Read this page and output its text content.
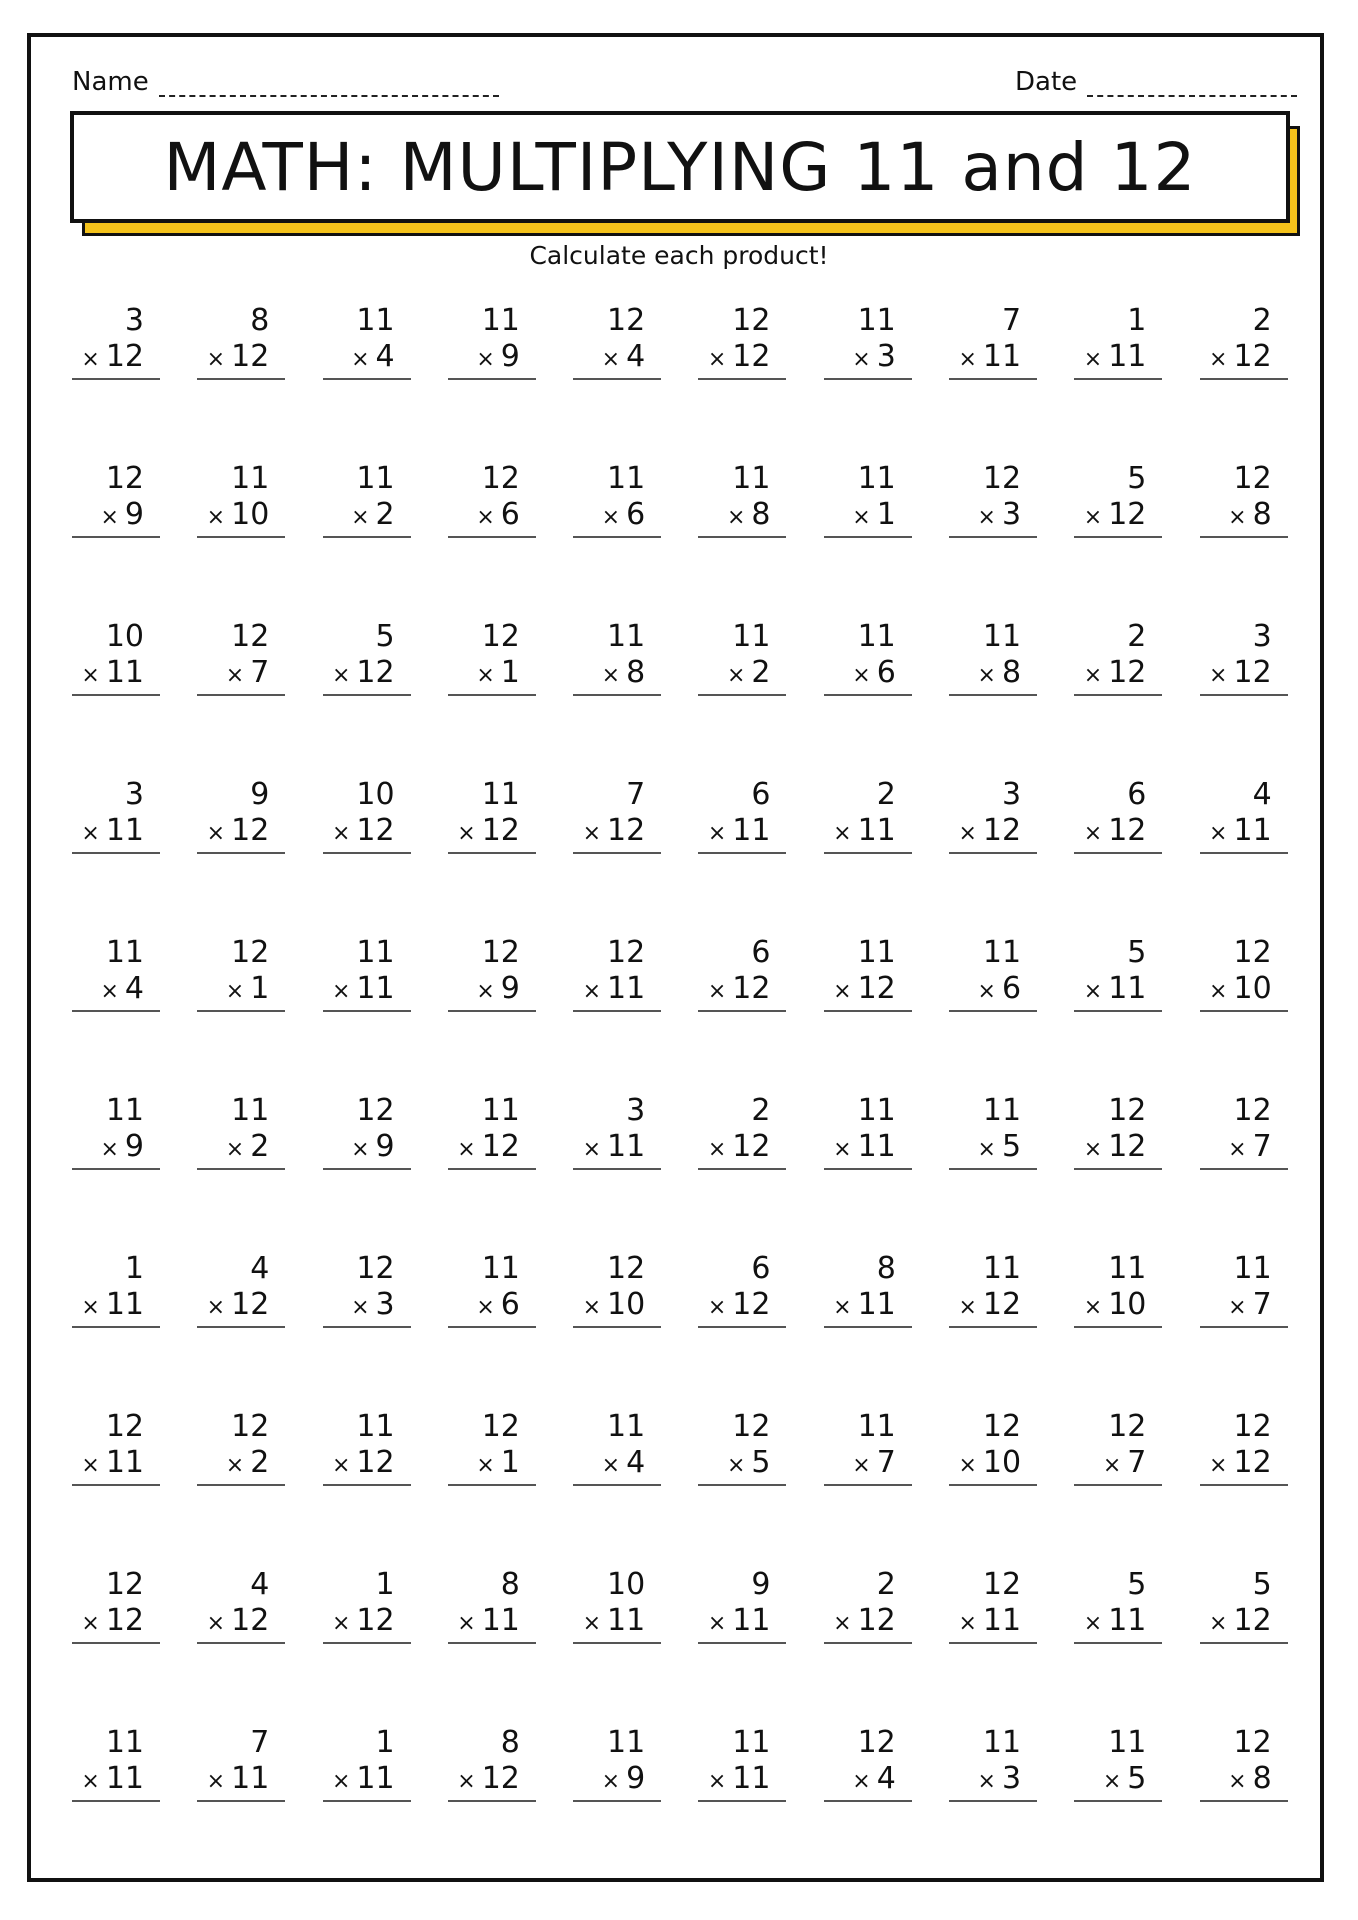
Name	Date
MATH: MULTIPLYING 11 and 12
Calculate each product!
3
× 12
8
× 12
11
× 4
11
× 9
12
× 4
12
× 12
11
× 3
7
× 11
1
× 11
2
× 12
12
× 9
11
× 10
11
× 2
12
× 6
11
× 6
11
× 8
11
× 1
12
× 3
5
× 12
12
× 8
10
× 11
12
× 7
5
× 12
12
× 1
11
× 8
11
× 2
11
× 6
11
× 8
2
× 12
3
× 12
3
× 11
9
× 12
10
× 12
11
× 12
7
× 12
6
× 11
2
× 11
3
× 12
6
× 12
4
× 11
11
× 4
12
× 1
11
× 11
12
× 9
12
× 11
6
× 12
11
× 12
11
× 6
5
× 11
12
× 10
11
× 9
11
× 2
12
× 9
11
× 12
3
× 11
2
× 12
11
× 11
11
× 5
12
× 12
12
× 7
1
× 11
4
× 12
12
× 3
11
× 6
12
× 10
6
× 12
8
× 11
11
× 12
11
× 10
11
× 7
12
× 11
12
× 2
11
× 12
12
× 1
11
× 4
12
× 5
11
× 7
12
× 10
12
× 7
12
× 12
12
× 12
4
× 12
1
× 12
8
× 11
10
× 11
9
× 11
2
× 12
12
× 11
5
× 11
5
× 12
11
× 11
7
× 11
1
× 11
8
× 12
11
× 9
11
× 11
12
× 4
11
× 3
11
× 5
12
× 8
